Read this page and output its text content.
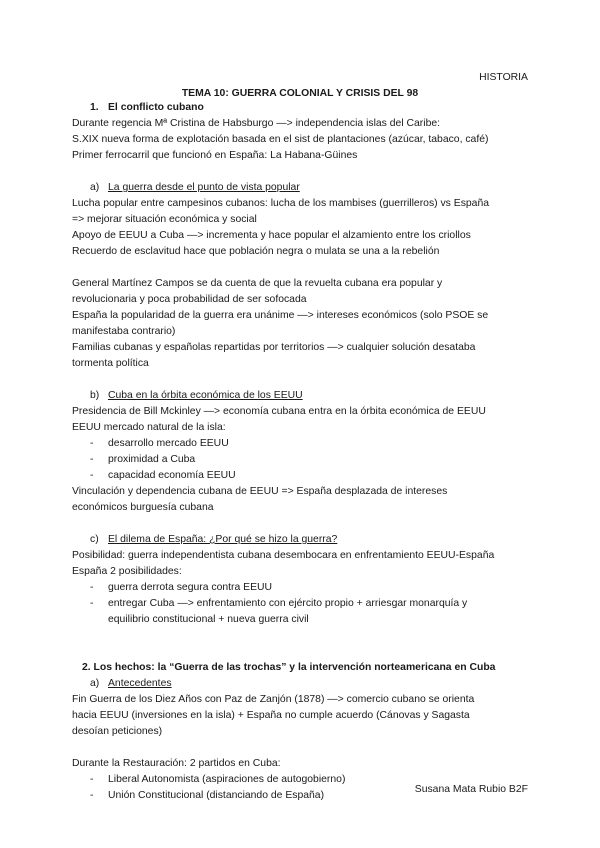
HISTORIA
TEMA 10: GUERRA COLONIAL Y CRISIS DEL 98
1. El conflicto cubano
Durante regencia Mª Cristina de Habsburgo —> independencia islas del Caribe:
S.XIX nueva forma de explotación basada en el sist de plantaciones (azúcar, tabaco, café)
Primer ferrocarril que funcionó en España: La Habana-Güines
a) La guerra desde el punto de vista popular
Lucha popular entre campesinos cubanos: lucha de los mambises (guerrilleros) vs España
=> mejorar situación económica y social
Apoyo de EEUU a Cuba —> incrementa y hace popular el alzamiento entre los criollos
Recuerdo de esclavitud hace que población negra o mulata se una a la rebelión
General Martínez Campos se da cuenta de que la revuelta cubana era popular y
revolucionaria y poca probabilidad de ser sofocada
España la popularidad de la guerra era unánime —> intereses económicos (solo PSOE se
manifestaba contrario)
Familias cubanas y españolas repartidas por territorios —> cualquier solución desataba
tormenta política
b) Cuba en la órbita económica de los EEUU
Presidencia de Bill Mckinley —> economía cubana entra en la órbita económica de EEUU
EEUU mercado natural de la isla:
- desarrollo mercado EEUU
- proximidad a Cuba
- capacidad economía EEUU
Vinculación y dependencia cubana de EEUU => España desplazada de intereses
económicos burguesía cubana
c) El dilema de España: ¿Por qué se hizo la guerra?
Posibilidad: guerra independentista cubana desembocara en enfrentamiento EEUU-España
España 2 posibilidades:
- guerra derrota segura contra EEUU
- entregar Cuba —> enfrentamiento con ejército propio + arriesgar monarquía y
equilibrio constitucional + nueva guerra civil
2. Los hechos: la “Guerra de las trochas” y la intervención norteamericana en Cuba
a) Antecedentes
Fin Guerra de los Diez Años con Paz de Zanjón (1878) —> comercio cubano se orienta
hacia EEUU (inversiones en la isla) + España no cumple acuerdo (Cánovas y Sagasta
desoían peticiones)
Durante la Restauración: 2 partidos en Cuba:
- Liberal Autonomista (aspiraciones de autogobierno)
- Unión Constitucional (distanciando de España)
Susana Mata Rubio B2F
